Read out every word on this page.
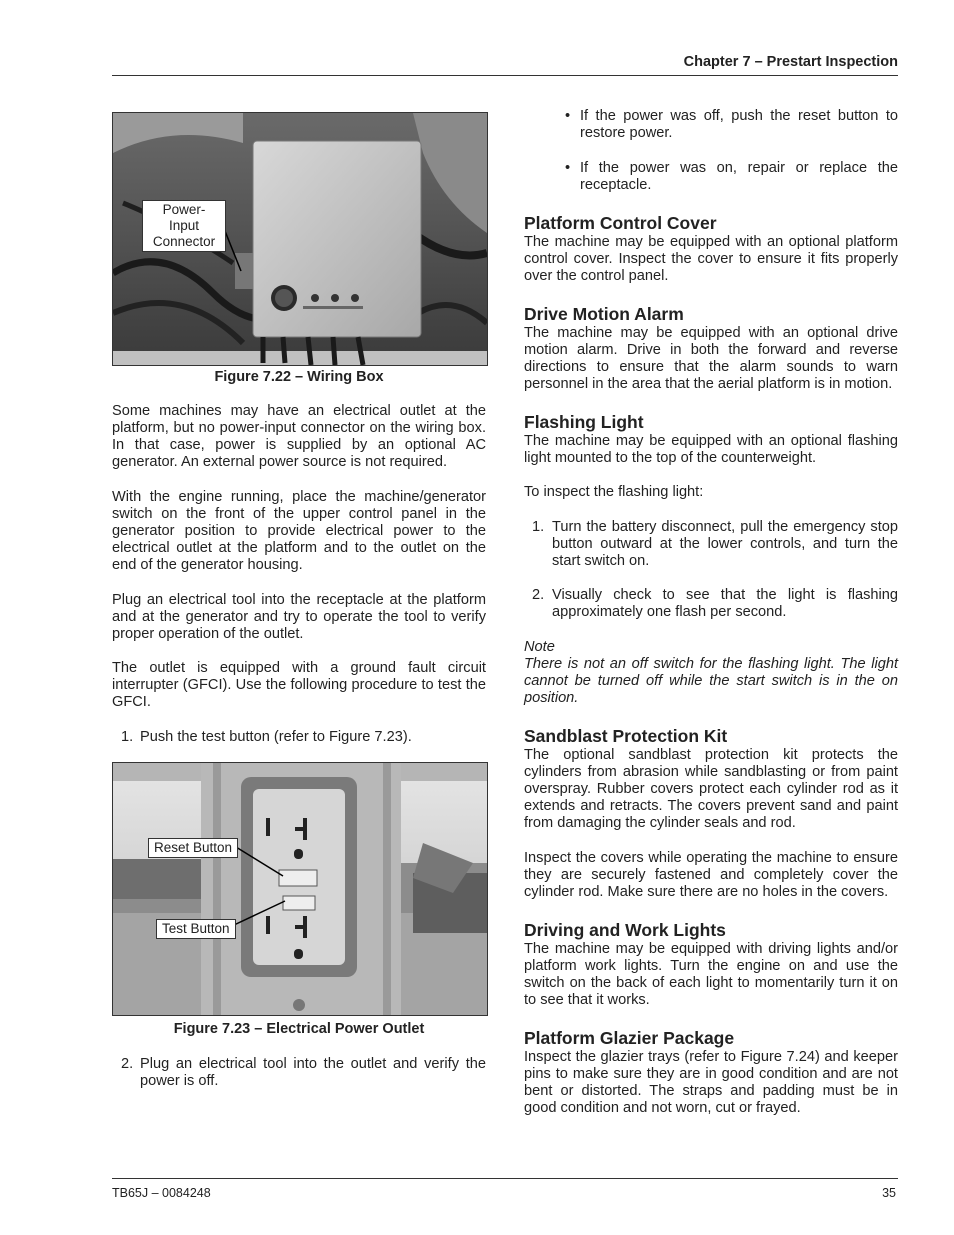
Chapter 7 – Prestart Inspection
Power-Input
Connector
Figure 7.22 – Wiring Box
Some machines may have an electrical outlet at the platform, but no power-input connector on the wiring box. In that case, power is supplied by an optional AC generator. An external power source is not required.
With the engine running, place the machine/generator switch on the front of the upper control panel in the generator position to provide electrical power to the electrical outlet at the platform and to the outlet on the end of the generator housing.
Plug an electrical tool into the receptacle at the platform and at the generator and try to operate the tool to verify proper operation of the outlet.
The outlet is equipped with a ground fault circuit interrupter (GFCI). Use the following procedure to test the GFCI.
1. Push the test button (refer to Figure 7.23).
Reset Button
Test Button
Figure 7.23 – Electrical Power Outlet
2. Plug an electrical tool into the outlet and verify the power is off.
• If the power was off, push the reset button to restore power.
• If the power was on, repair or replace the receptacle.
Platform Control Cover
The machine may be equipped with an optional platform control cover. Inspect the cover to ensure it fits properly over the control panel.
Drive Motion Alarm
The machine may be equipped with an optional drive motion alarm. Drive in both the forward and reverse directions to ensure that the alarm sounds to warn personnel in the area that the aerial platform is in motion.
Flashing Light
The machine may be equipped with an optional flashing light mounted to the top of the counterweight.
To inspect the flashing light:
1. Turn the battery disconnect, pull the emergency stop button outward at the lower controls, and turn the start switch on.
2. Visually check to see that the light is flashing approximately one flash per second.
Note
There is not an off switch for the flashing light. The light cannot be turned off while the start switch is in the on position.
Sandblast Protection Kit
The optional sandblast protection kit protects the cylinders from abrasion while sandblasting or from paint overspray. Rubber covers protect each cylinder rod as it extends and retracts. The covers prevent sand and paint from damaging the cylinder seals and rod.
Inspect the covers while operating the machine to ensure they are securely fastened and completely cover the cylinder rod. Make sure there are no holes in the covers.
Driving and Work Lights
The machine may be equipped with driving lights and/or platform work lights. Turn the engine on and use the switch on the back of each light to momentarily turn it on to see that it works.
Platform Glazier Package
Inspect the glazier trays (refer to Figure 7.24) and keeper pins to make sure they are in good condition and are not bent or distorted. The straps and padding must be in good condition and not worn, cut or frayed.
TB65J – 0084248	35
